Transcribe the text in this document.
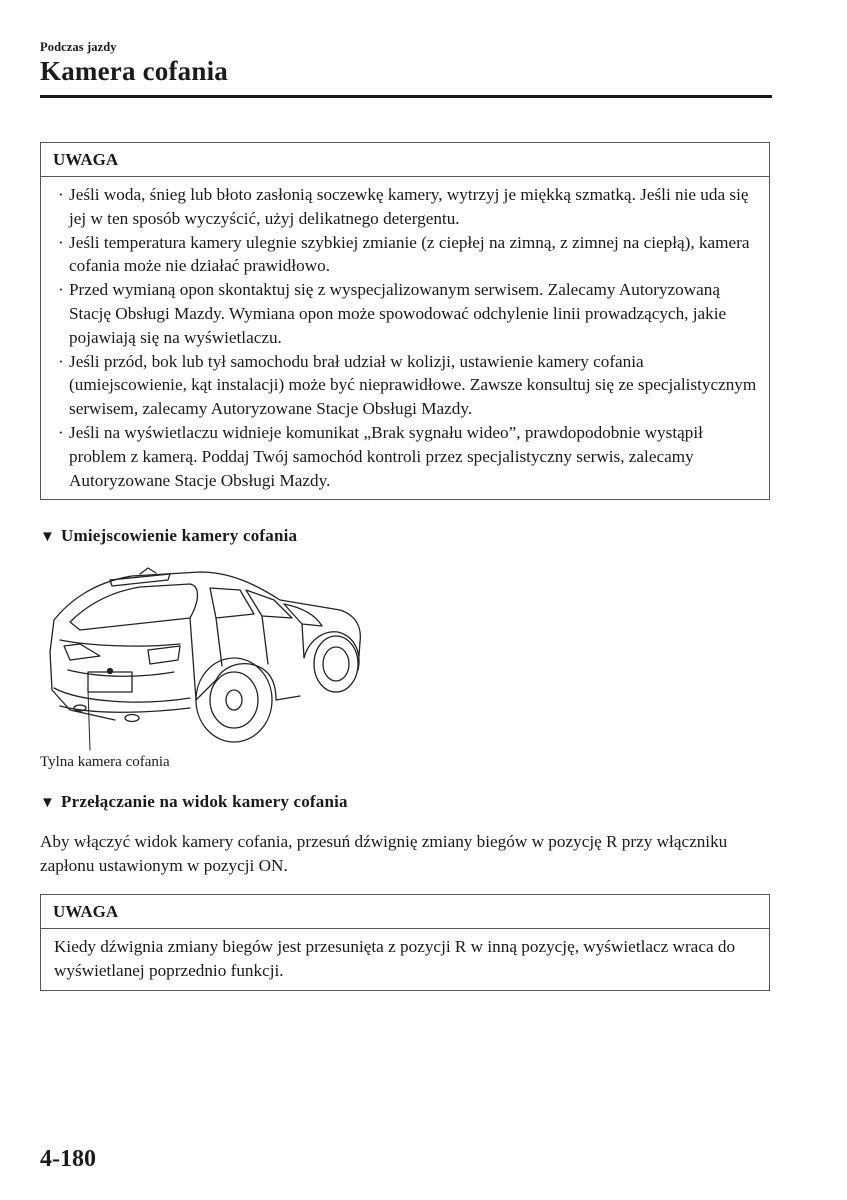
Podczas jazdy
Kamera cofania
UWAGA
· Jeśli woda, śnieg lub błoto zasłonią soczewkę kamery, wytrzyj je miękką szmatką. Jeśli nie uda się jej w ten sposób wyczyścić, użyj delikatnego detergentu.
· Jeśli temperatura kamery ulegnie szybkiej zmianie (z ciepłej na zimną, z zimnej na ciepłą), kamera cofania może nie działać prawidłowo.
· Przed wymianą opon skontaktuj się z wyspecjalizowanym serwisem. Zalecamy Autoryzowaną Stację Obsługi Mazdy. Wymiana opon może spowodować odchylenie linii prowadzących, jakie pojawiają się na wyświetlaczu.
· Jeśli przód, bok lub tył samochodu brał udział w kolizji, ustawienie kamery cofania (umiejscowienie, kąt instalacji) może być nieprawidłowe. Zawsze konsultuj się ze specjalistycznym serwisem, zalecamy Autoryzowane Stacje Obsługi Mazdy.
· Jeśli na wyświetlaczu widnieje komunikat „Brak sygnału wideo”, prawdopodobnie wystąpił problem z kamerą. Poddaj Twój samochód kontroli przez specjalistyczny serwis, zalecamy Autoryzowane Stacje Obsługi Mazdy.
▼ Umiejscowienie kamery cofania
Tylna kamera cofania
▼ Przełączanie na widok kamery cofania

Aby włączyć widok kamery cofania, przesuń dźwignię zmiany biegów w pozycję R przy włączniku zapłonu ustawionym w pozycji ON.

UWAGA

Kiedy dźwignia zmiany biegów jest przesunięta z pozycji R w inną pozycję, wyświetlacz wraca do wyświetlanej poprzednio funkcji.

4-180
